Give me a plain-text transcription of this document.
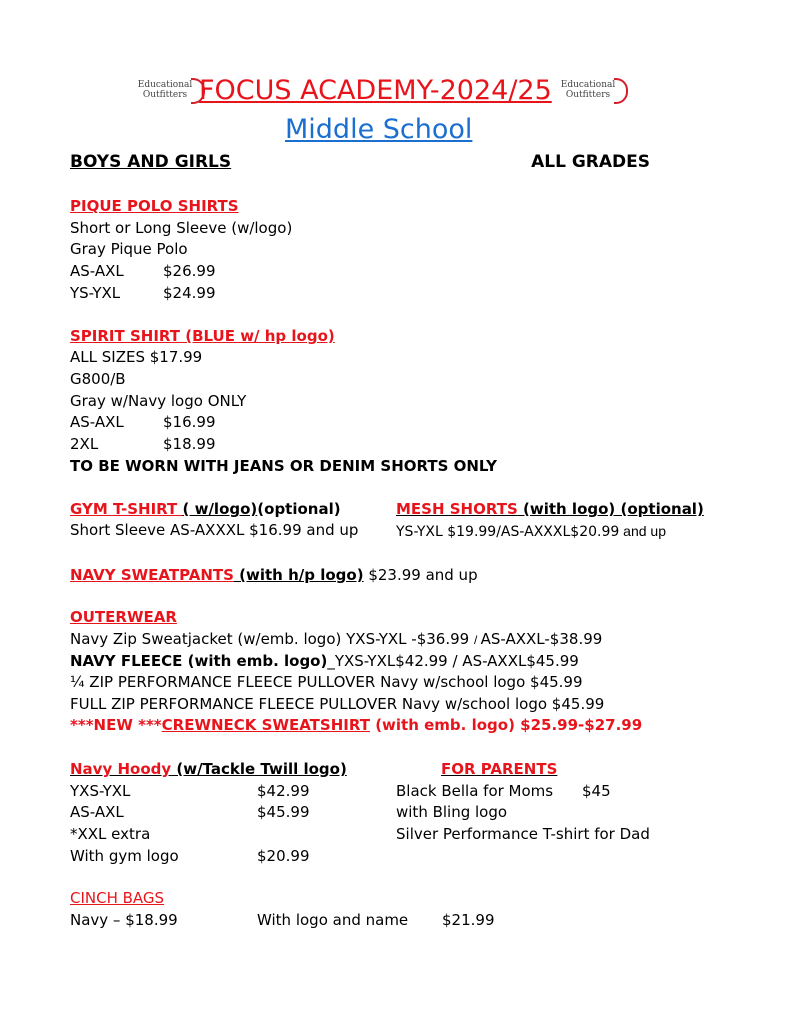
Educational
Outfitters
Educational
Outfitters
FOCUS ACADEMY-2024/25
Middle School
BOYS AND GIRLS	ALL GRADES
PIQUE POLO SHIRTS
Short or Long Sleeve (w/logo)
Gray Pique Polo
AS-AXL	$26.99
YS-YXL	$24.99
SPIRIT SHIRT (BLUE w/ hp logo)
ALL SIZES $17.99
G800/B
Gray w/Navy logo ONLY
AS-AXL	$16.99
2XL	$18.99
TO BE WORN WITH JEANS OR DENIM SHORTS ONLY
GYM T-SHIRT ( w/logo)(optional)
Short Sleeve AS-AXXXL $16.99 and up
MESH SHORTS (with logo) (optional)
YS-YXL $19.99/AS-AXXXL$20.99 and up
NAVY SWEATPANTS (with h/p logo) $23.99 and up
OUTERWEAR
Navy Zip Sweatjacket (w/emb. logo) YXS-YXL -$36.99 / AS-AXXL-$38.99
NAVY FLEECE (with emb. logo)_YXS-YXL$42.99 / AS-AXXL$45.99
¼ ZIP PERFORMANCE FLEECE PULLOVER Navy w/school logo $45.99
FULL ZIP PERFORMANCE FLEECE PULLOVER Navy w/school logo $45.99
***NEW ***CREWNECK SWEATSHIRT (with emb. logo) $25.99-$27.99
Navy Hoody (w/Tackle Twill logo)
YXS-YXL	$42.99
AS-AXL	$45.99
*XXL extra
With gym logo	$20.99
FOR PARENTS
Black Bella for Moms $45
with Bling logo
Silver Performance T-shirt for Dad
CINCH BAGS
Navy – $18.99	With logo and name $21.99
